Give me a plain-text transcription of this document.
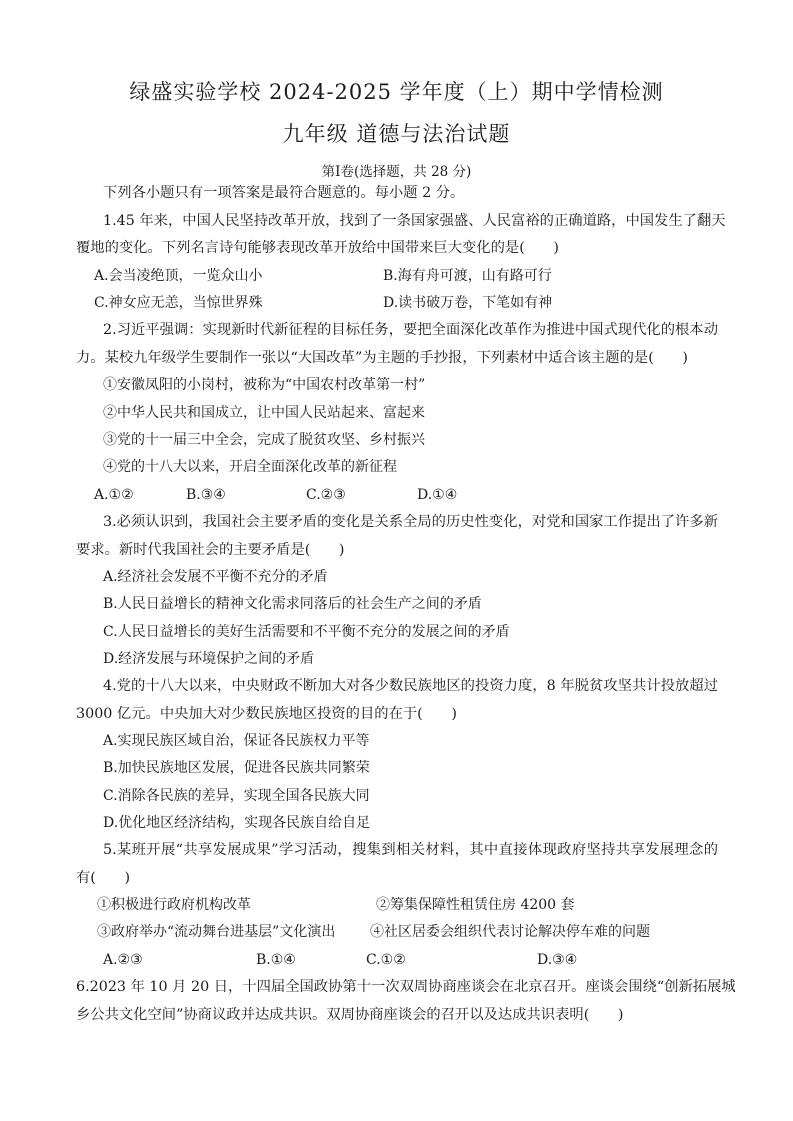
绿盛实验学校 2024-2025 学年度（上）期中学情检测
九年级 道德与法治试题
第Ⅰ卷(选择题，共 28 分)
下列各小题只有一项答案是最符合题意的。每小题 2 分。
1.45 年来，中国人民坚持改革开放，找到了一条国家强盛、人民富裕的正确道路，中国发生了翻天
覆地的变化。下列名言诗句能够表现改革开放给中国带来巨大变化的是(　　)
A.会当凌绝顶，一览众山小	B.海有舟可渡，山有路可行
C.神女应无恙，当惊世界殊	D.读书破万卷，下笔如有神
2.习近平强调：实现新时代新征程的目标任务，要把全面深化改革作为推进中国式现代化的根本动
力。某校九年级学生要制作一张以“大国改革”为主题的手抄报，下列素材中适合该主题的是(　　)
①安徽凤阳的小岗村，被称为“中国农村改革第一村”
②中华人民共和国成立，让中国人民站起来、富起来
③党的十一届三中全会，完成了脱贫攻坚、乡村振兴
④党的十八大以来，开启全面深化改革的新征程
A.①②	B.③④	C.②③	D.①④
3.必须认识到，我国社会主要矛盾的变化是关系全局的历史性变化，对党和国家工作提出了许多新
要求。新时代我国社会的主要矛盾是(　　)
A.经济社会发展不平衡不充分的矛盾
B.人民日益增长的精神文化需求同落后的社会生产之间的矛盾
C.人民日益增长的美好生活需要和不平衡不充分的发展之间的矛盾
D.经济发展与环境保护之间的矛盾
4.党的十八大以来，中央财政不断加大对各少数民族地区的投资力度，8 年脱贫攻坚共计投放超过
3000 亿元。中央加大对少数民族地区投资的目的在于(　　)
A.实现民族区域自治，保证各民族权力平等
B.加快民族地区发展，促进各民族共同繁荣
C.消除各民族的差异，实现全国各民族大同
D.优化地区经济结构，实现各民族自给自足
5.某班开展“共享发展成果”学习活动，搜集到相关材料，其中直接体现政府坚持共享发展理念的
有(　　)
①积极进行政府机构改革	②筹集保障性租赁住房 4200 套
③政府举办“流动舞台进基层”文化演出 ④社区居委会组织代表讨论解决停车难的问题
A.②③	B.①④	C.①②	D.③④
6.2023 年 10 月 20 日，十四届全国政协第十一次双周协商座谈会在北京召开。座谈会围绕“创新拓展城
乡公共文化空间”协商议政并达成共识。双周协商座谈会的召开以及达成共识表明(　　)
